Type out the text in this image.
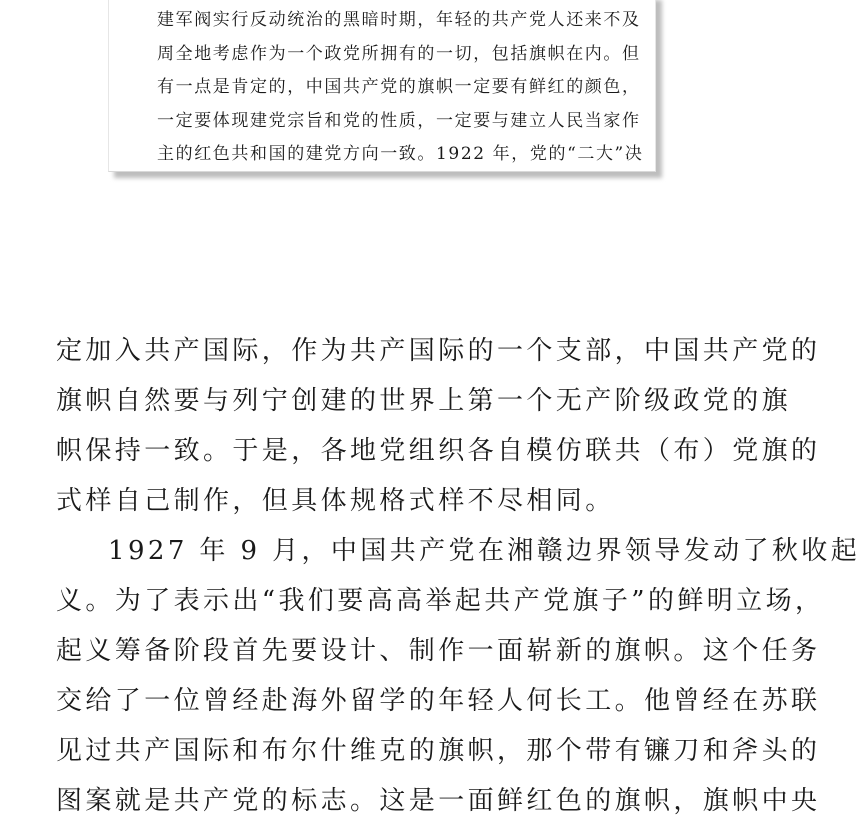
建军阀实行反动统治的黑暗时期，年轻的共产党人还来不及
周全地考虑作为一个政党所拥有的一切，包括旗帜在内。但
有一点是肯定的，中国共产党的旗帜一定要有鲜红的颜色，
一定要体现建党宗旨和党的性质，一定要与建立人民当家作
主的红色共和国的建党方向一致。1922 年，党的“二大”决
定加入共产国际，作为共产国际的一个支部，中国共产党的
旗帜自然要与列宁创建的世界上第一个无产阶级政党的旗
帜保持一致。于是，各地党组织各自模仿联共（布）党旗的
式样自己制作，但具体规格式样不尽相同。
1927 年 9 月，中国共产党在湘赣边界领导发动了秋收起
义。为了表示出“我们要高高举起共产党旗子”的鲜明立场，
起义筹备阶段首先要设计、制作一面崭新的旗帜。这个任务
交给了一位曾经赴海外留学的年轻人何长工。他曾经在苏联
见过共产国际和布尔什维克的旗帜，那个带有镰刀和斧头的
图案就是共产党的标志。这是一面鲜红色的旗帜，旗帜中央
